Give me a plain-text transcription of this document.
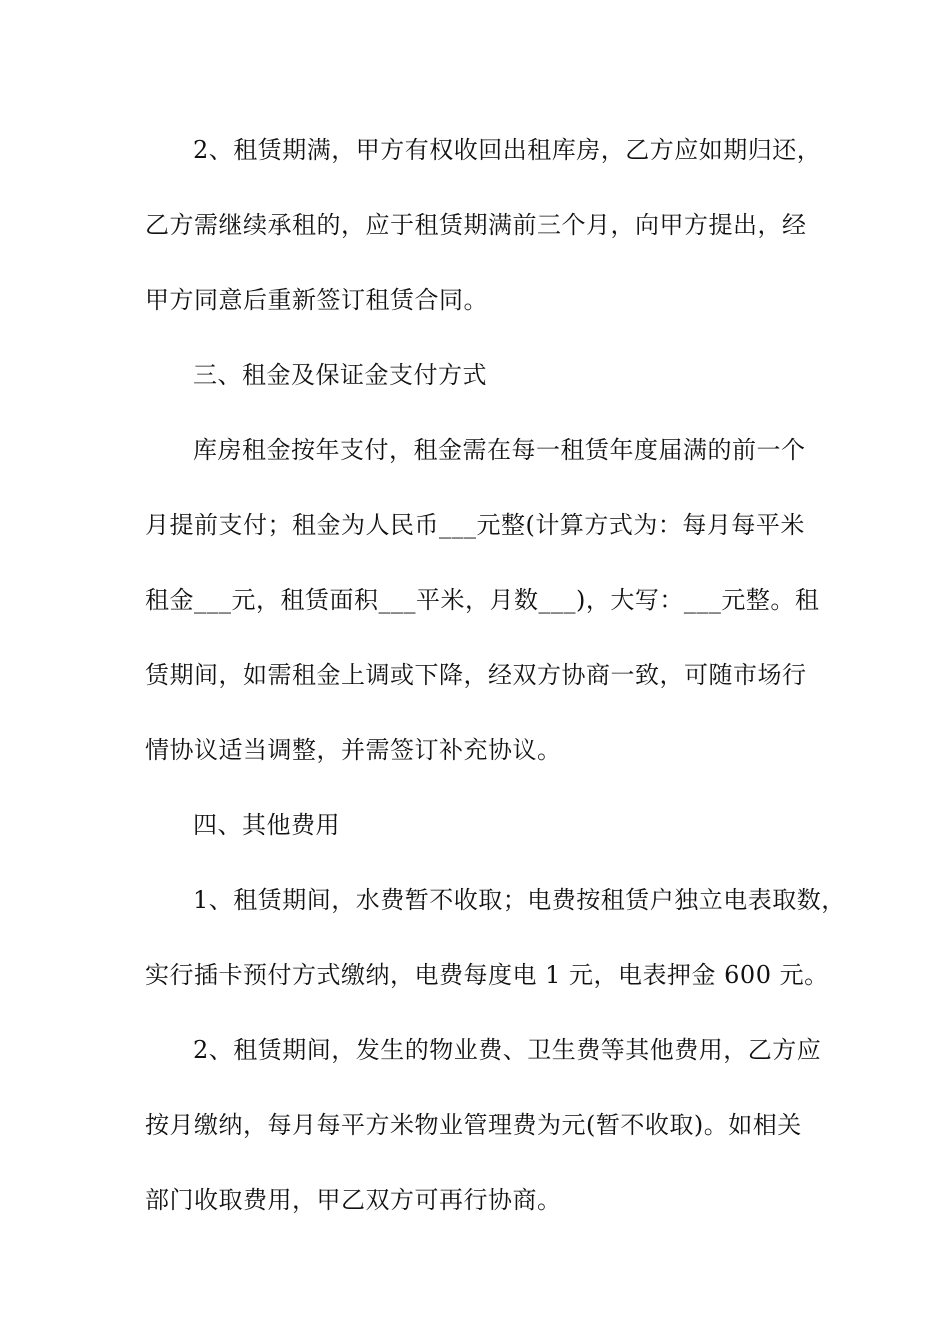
2、租赁期满，甲方有权收回出租库房，乙方应如期归还，
乙方需继续承租的，应于租赁期满前三个月，向甲方提出，经
甲方同意后重新签订租赁合同。
三、租金及保证金支付方式
库房租金按年支付，租金需在每一租赁年度届满的前一个
月提前支付；租金为人民币___元整(计算方式为：每月每平米
租金___元，租赁面积___平米，月数___)，大写：___元整。租
赁期间，如需租金上调或下降，经双方协商一致，可随市场行
情协议适当调整，并需签订补充协议。
四、其他费用
1、租赁期间，水费暂不收取；电费按租赁户独立电表取数，
实行插卡预付方式缴纳，电费每度电 1 元，电表押金 600 元。
2、租赁期间，发生的物业费、卫生费等其他费用，乙方应
按月缴纳，每月每平方米物业管理费为元(暂不收取)。如相关
部门收取费用，甲乙双方可再行协商。
